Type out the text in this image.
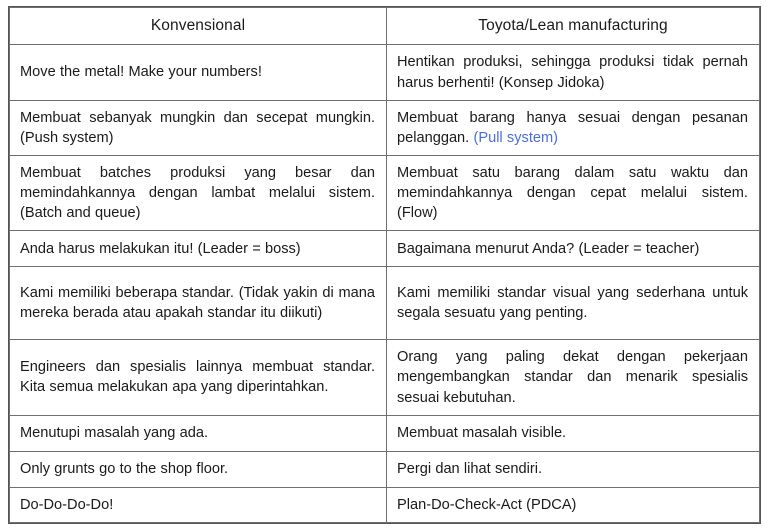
Konvensional	Toyota/Lean manufacturing
Move the metal! Make your numbers!	Hentikan produksi, sehingga produksi tidak pernah harus berhenti! (Konsep Jidoka)
Membuat sebanyak mungkin dan secepat mungkin. (Push system)	Membuat barang hanya sesuai dengan pesanan pelanggan. (Pull system)
Membuat batches produksi yang besar dan memindahkannya dengan lambat melalui sistem. (Batch and queue)	Membuat satu barang dalam satu waktu dan memindahkannya dengan cepat melalui sistem. (Flow)
Anda harus melakukan itu! (Leader = boss)	Bagaimana menurut Anda? (Leader = teacher)
Kami memiliki beberapa standar. (Tidak yakin di mana mereka berada atau apakah standar itu diikuti)	Kami memiliki standar visual yang sederhana untuk segala sesuatu yang penting.
Engineers dan spesialis lainnya membuat standar. Kita semua melakukan apa yang diperintahkan.	Orang yang paling dekat dengan pekerjaan mengembangkan standar dan menarik spesialis sesuai kebutuhan.
Menutupi masalah yang ada.	Membuat masalah visible.
Only grunts go to the shop floor.	Pergi dan lihat sendiri.
Do-Do-Do-Do!	Plan-Do-Check-Act (PDCA)
